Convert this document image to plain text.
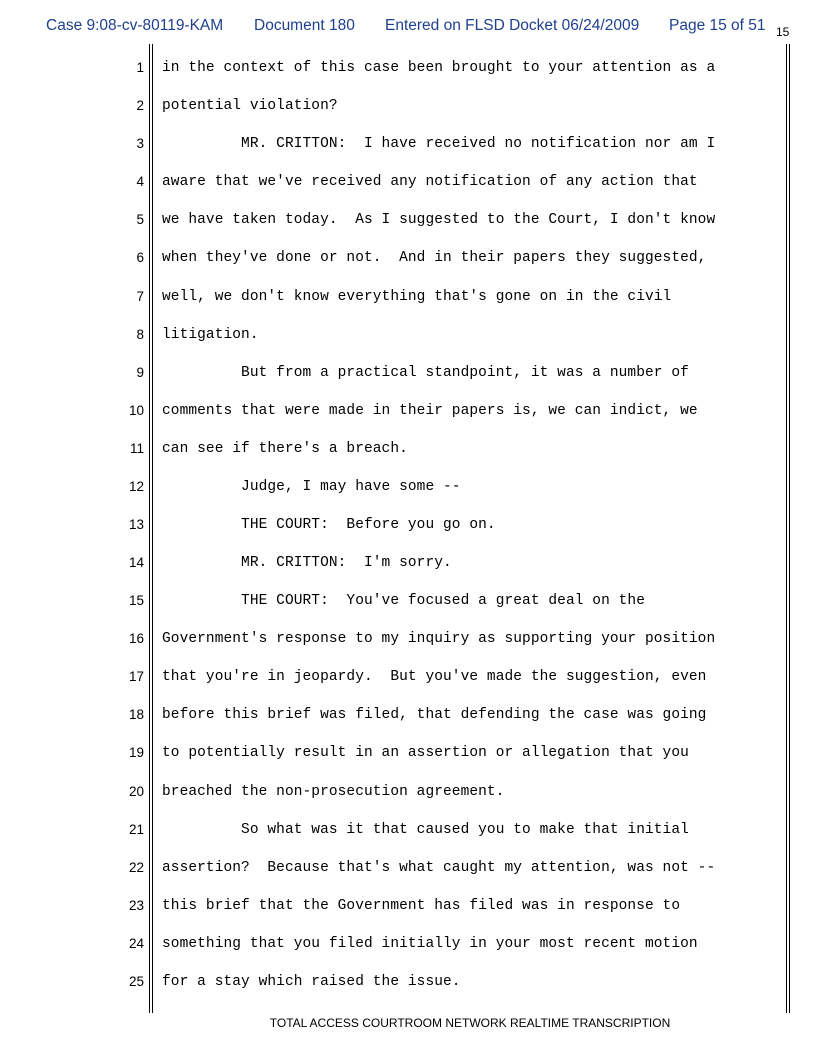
Case 9:08-cv-80119-KAM Document 180 Entered on FLSD Docket 06/24/2009 Page 15 of 51 15
1 in the context of this case been brought to your attention as a
2 potential violation?
3 MR. CRITTON:  I have received no notification nor am I
4 aware that we've received any notification of any action that
5 we have taken today.  As I suggested to the Court, I don't know
6 when they've done or not.  And in their papers they suggested,
7 well, we don't know everything that's gone on in the civil
8 litigation.
9 But from a practical standpoint, it was a number of
10 comments that were made in their papers is, we can indict, we
11 can see if there's a breach.
12 Judge, I may have some --
13 THE COURT:  Before you go on.
14 MR. CRITTON:  I'm sorry.
15 THE COURT:  You've focused a great deal on the
16 Government's response to my inquiry as supporting your position
17 that you're in jeopardy.  But you've made the suggestion, even
18 before this brief was filed, that defending the case was going
19 to potentially result in an assertion or allegation that you
20 breached the non-prosecution agreement.
21 So what was it that caused you to make that initial
22 assertion?  Because that's what caught my attention, was not --
23 this brief that the Government has filed was in response to
24 something that you filed initially in your most recent motion
25 for a stay which raised the issue.
TOTAL ACCESS COURTROOM NETWORK REALTIME TRANSCRIPTION
